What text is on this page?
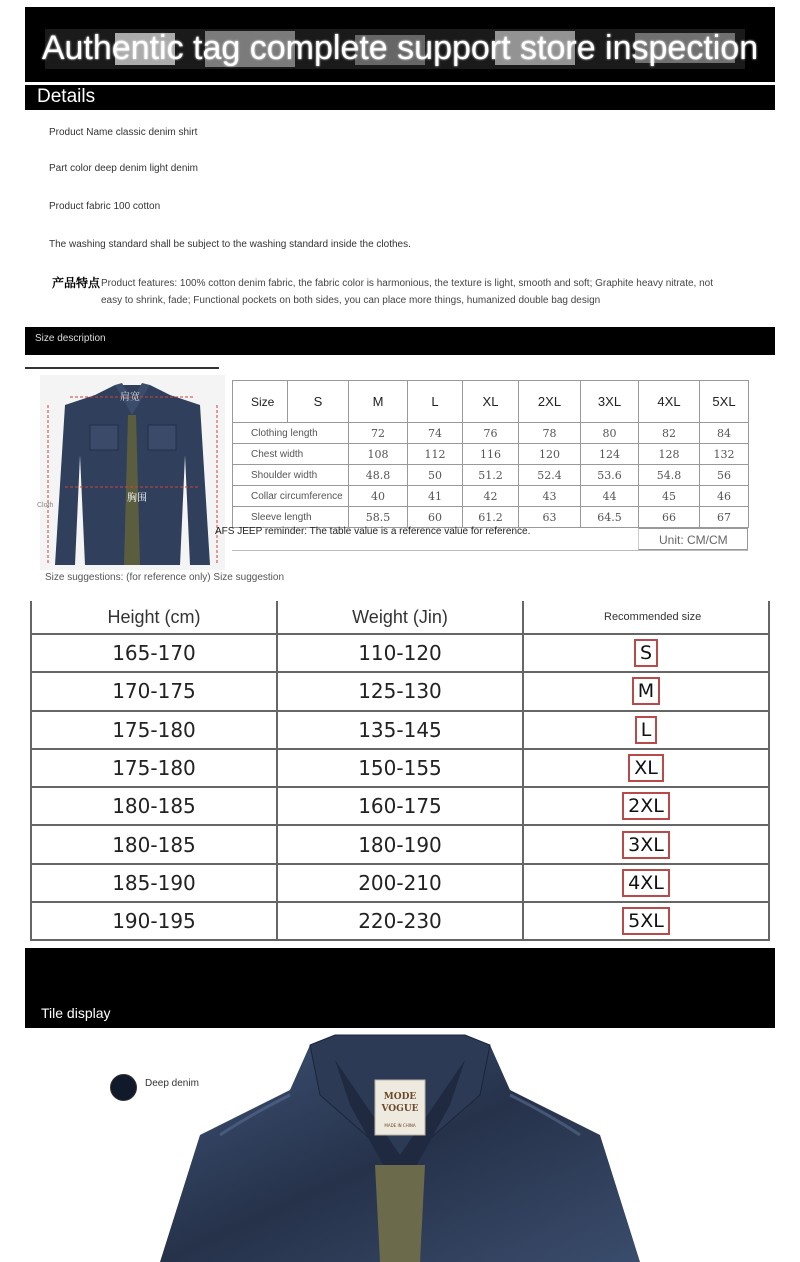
Authentic tag complete support store inspection
Details
Product Name classic denim shirt
Part color deep denim light denim
Product fabric 100 cotton
The washing standard shall be subject to the washing standard inside the clothes.
产品特点 Product features: 100% cotton denim fabric, the fabric color is harmonious, the texture is light, smooth and soft; Graphite heavy nitrate, not easy to shrink, fade; Functional pockets on both sides, you can place more things, humanized double bag design
Size description
肩宽
胸围
Cloth
Size	S	M	L	XL	2XL	3XL	4XL	5XL
Clothing length		72	74	76	78	80	82	84
Chest width		108	112	116	120	124	128	132
Shoulder width		48.8	50	51.2	52.4	53.6	54.8	56
Collar circumference		40	41	42	43	44	45	46
Sleeve length		58.5	60	61.2	63	64.5	66	67
AFS JEEP reminder: The table value is a reference value for reference.
Unit: CM/CM
Size suggestions: (for reference only) Size suggestion
Height (cm)	Weight (Jin)	Recommended size
165-170	110-120	S
170-175	125-130	M
175-180	135-145	L
175-180	150-155	XL
180-185	160-175	2XL
180-185	180-190	3XL
185-190	200-210	4XL
190-195	220-230	5XL
Tile display
Deep denim
MODE
VOGUE
MADE IN CHINA
